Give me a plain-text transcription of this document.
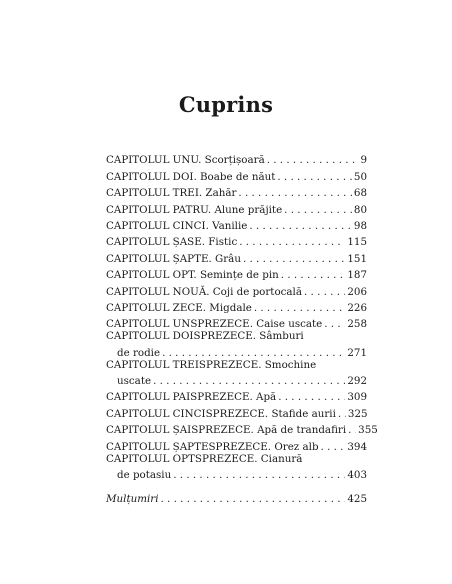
Cuprins
CAPITOLUL UNU. Scorțișoară . . .	9
CAPITOLUL DOI. Boabe de năut . . .	50
CAPITOLUL TREI. Zahăr . . .	68
CAPITOLUL PATRU. Alune prăjite . . .	80
CAPITOLUL CINCI. Vanilie . . .	98
CAPITOLUL ȘASE. Fistic . . .	115
CAPITOLUL ȘAPTE. Grâu . . .	151
CAPITOLUL OPT. Semințe de pin . . .	187
CAPITOLUL NOUĂ. Coji de portocală . . .	206
CAPITOLUL ZECE. Migdale . . .	226
CAPITOLUL UNSPREZECE. Caise uscate . . . 258
CAPITOLUL DOISPREZECE. Sâmburi
de rodie . . .	271
CAPITOLUL TREISPREZECE. Smochine
uscate . . .	292
CAPITOLUL PAISPREZECE. Apă . . .	309
CAPITOLUL CINCISPREZECE. Stafide aurii . . . 325
CAPITOLUL ȘAISPREZECE. Apă de trandafiri . . . 355
CAPITOLUL ȘAPTESPREZECE. Orez alb . . .	394
CAPITOLUL OPTSPREZECE. Cianură
de potasiu . . .	403
Mulțumiri . . .	425
